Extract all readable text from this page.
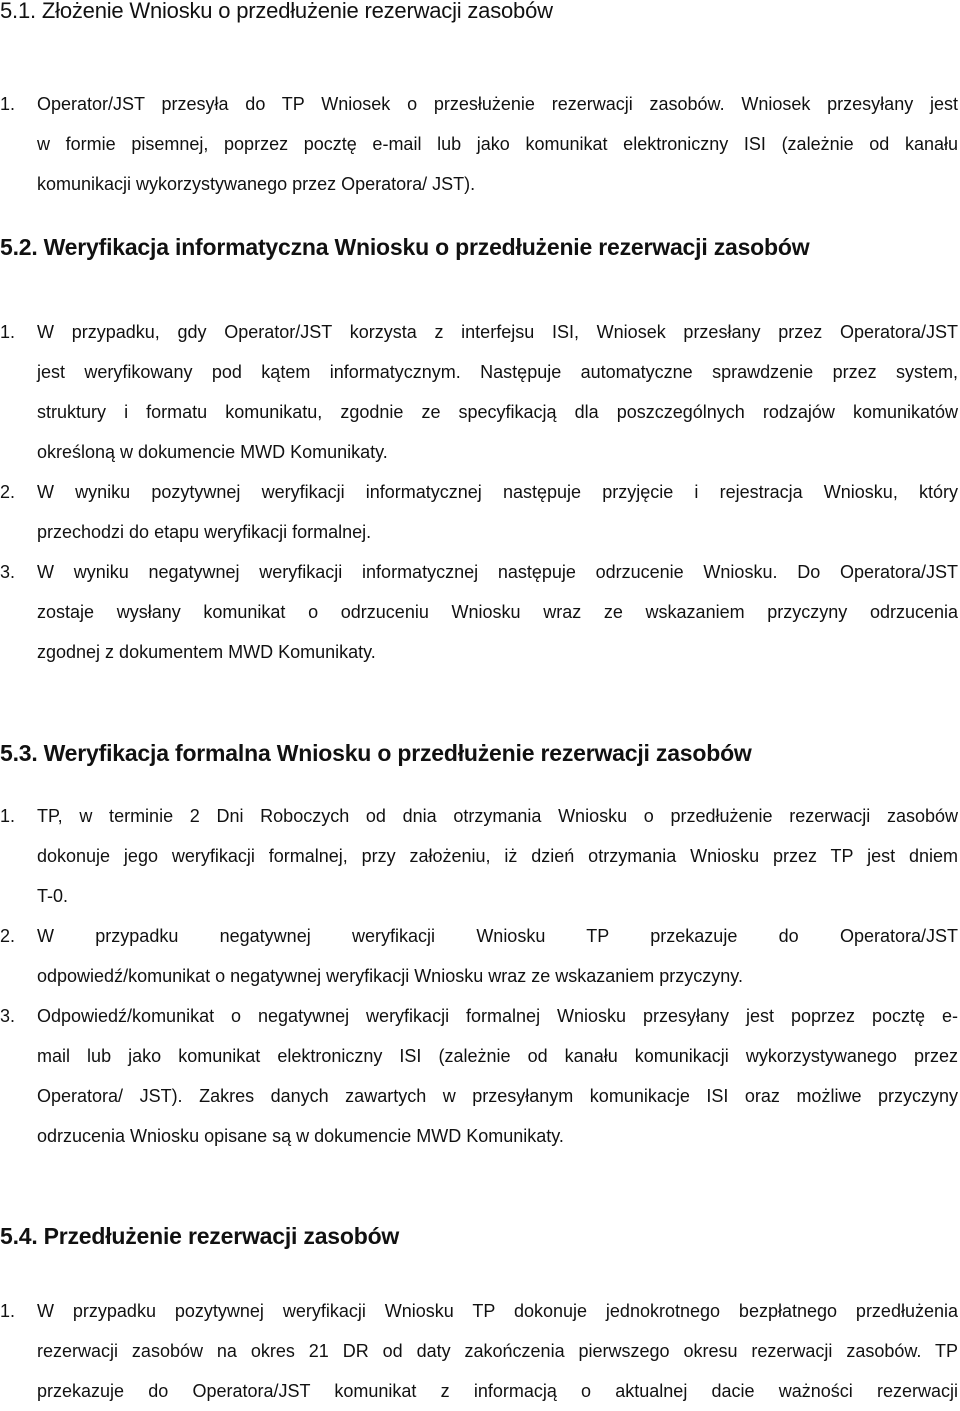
5.1. Złożenie Wniosku o przedłużenie rezerwacji zasobów
1.	Operator/JST przesyła do TP Wniosek o przesłużenie rezerwacji zasobów. Wniosek przesyłany jest
w formie pisemnej, poprzez pocztę e-mail lub jako komunikat elektroniczny ISI (zależnie od kanału
komunikacji wykorzystywanego przez Operatora/ JST).
5.2. Weryfikacja informatyczna Wniosku o przedłużenie rezerwacji zasobów
1.	W przypadku, gdy Operator/JST korzysta z interfejsu ISI, Wniosek przesłany przez Operatora/JST
jest weryfikowany pod kątem informatycznym. Następuje automatyczne sprawdzenie przez system,
struktury i formatu komunikatu, zgodnie ze specyfikacją dla poszczególnych rodzajów komunikatów
określoną w dokumencie MWD Komunikaty.
2.	W wyniku pozytywnej weryfikacji informatycznej następuje przyjęcie i rejestracja Wniosku, który
przechodzi do etapu weryfikacji formalnej.
3.	W wyniku negatywnej weryfikacji informatycznej następuje odrzucenie Wniosku. Do Operatora/JST
zostaje wysłany komunikat o odrzuceniu Wniosku wraz ze wskazaniem przyczyny odrzucenia
zgodnej z dokumentem MWD Komunikaty.
5.3. Weryfikacja formalna Wniosku o przedłużenie rezerwacji zasobów
1.	TP, w terminie 2 Dni Roboczych od dnia otrzymania Wniosku o przedłużenie rezerwacji zasobów
dokonuje jego weryfikacji formalnej, przy założeniu, iż dzień otrzymania Wniosku przez TP jest dniem
T-0.
2.	W przypadku negatywnej weryfikacji Wniosku TP przekazuje do Operatora/JST
odpowiedź/komunikat o negatywnej weryfikacji Wniosku wraz ze wskazaniem przyczyny.
3.	Odpowiedź/komunikat o negatywnej weryfikacji formalnej Wniosku przesyłany jest poprzez pocztę e-
mail lub jako komunikat elektroniczny ISI (zależnie od kanału komunikacji wykorzystywanego przez
Operatora/ JST). Zakres danych zawartych w przesyłanym komunikacje ISI oraz możliwe przyczyny
odrzucenia Wniosku opisane są w dokumencie MWD Komunikaty.
5.4. Przedłużenie rezerwacji zasobów
1.	W przypadku pozytywnej weryfikacji Wniosku TP dokonuje jednokrotnego bezpłatnego przedłużenia
rezerwacji zasobów na okres 21 DR od daty zakończenia pierwszego okresu rezerwacji zasobów. TP
przekazuje do Operatora/JST komunikat z informacją o aktualnej dacie ważności rezerwacji
